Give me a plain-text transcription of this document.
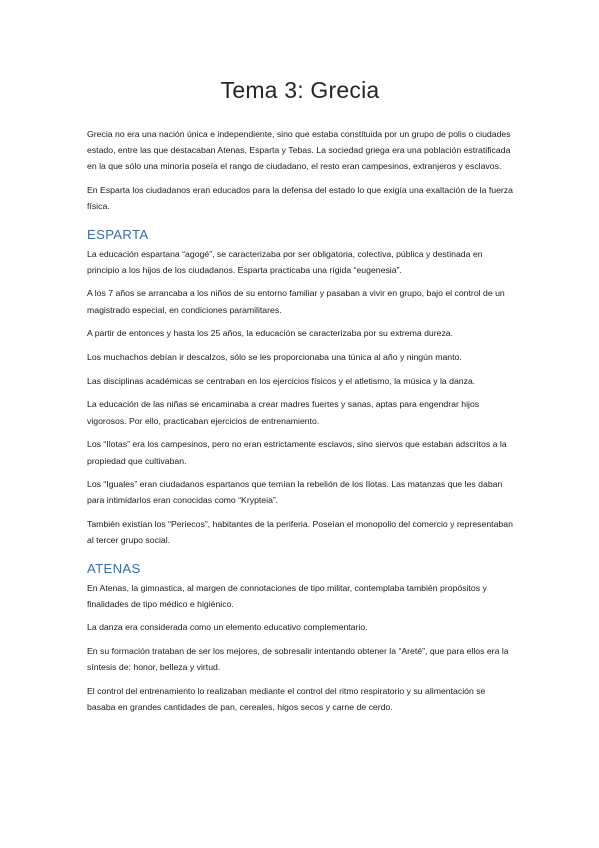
Tema 3: Grecia

Grecia no era una nación única e independiente, sino que estaba constituida por un grupo de polis o ciudades estado, entre las que destacaban Atenas, Esparta y Tebas. La sociedad griega era una población estratificada en la que sólo una minoría poseía el rango de ciudadano, el resto eran campesinos, extranjeros y esclavos.

En Esparta los ciudadanos eran educados para la defensa del estado lo que exigía una exaltación de la fuerza física.

ESPARTA

La educación espartana “agogé”, se caracterizaba por ser obligatoria, colectiva, pública y destinada en principio a los hijos de los ciudadanos. Esparta practicaba una rígida “eugenesia”.

A los 7 años se arrancaba a los niños de su entorno familiar y pasaban a vivir en grupo, bajo el control de un magistrado especial, en condiciones paramilitares.

A partir de entonces y hasta los 25 años, la educación se caracterizaba por su extrema dureza.

Los muchachos debían ir descalzos, sólo se les proporcionaba una túnica al año y ningún manto.

Las disciplinas académicas se centraban en los ejercicios físicos y el atletismo, la música y la danza.

La educación de las niñas se encaminaba a crear madres fuertes y sanas, aptas para engendrar hijos vigorosos. Por ello, practicaban ejercicios de entrenamiento.

Los “Ilotas” era los campesinos, pero no eran estrictamente esclavos, sino siervos que estaban adscritos a la propiedad que cultivaban.

Los “Iguales” eran ciudadanos espartanos que temían la rebelión de los Ilotas. Las matanzas que les daban para intimidarlos eran conocidas como “Krypteia”.

También existían los “Periecos”, habitantes de la periferia. Poseían el monopolio del comercio y representaban al tercer grupo social.

ATENAS

En Atenas, la gimnastica, al margen de connotaciones de tipo militar, contemplaba también propósitos y finalidades de tipo médico e higiénico.

La danza era considerada como un elemento educativo complementario.

En su formación trataban de ser los mejores, de sobresalir intentando obtener la “Areté”, que para ellos era la síntesis de: honor, belleza y virtud.

El control del entrenamiento lo realizaban mediante el control del ritmo respiratorio y su alimentación se basaba en grandes cantidades de pan, cereales, higos secos y carne de cerdo.
